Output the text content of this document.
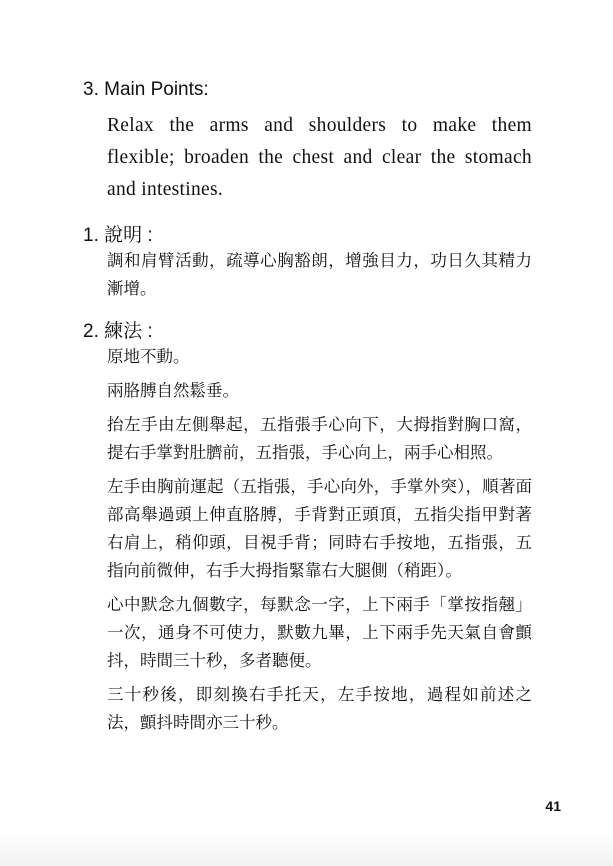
3. Main Points:
Relax the arms and shoulders to make them flexible; broaden the chest and clear the stomach and intestines.
1. 說明 :

調和肩臂活動，疏導心胸豁朗，增強目力，功日久其精力漸增。

2. 練法 :

原地不動。

兩胳膊自然鬆垂。

抬左手由左側舉起，五指張手心向下，大拇指對胸口窩，提右手掌對肚臍前，五指張，手心向上，兩手心相照。

左手由胸前運起（五指張，手心向外，手掌外突），順著面部高舉過頭上伸直胳膊，手背對正頭頂，五指尖指甲對著右肩上，稍仰頭，目視手背；同時右手按地，五指張，五指向前微伸，右手大拇指緊靠右大腿側（稍距）。

心中默念九個數字，每默念一字，上下兩手「掌按指翹」一次，通身不可使力，默數九畢，上下兩手先天氣自會顫抖，時間三十秒，多者聽便。

三十秒後，即刻換右手托天，左手按地，過程如前述之法，顫抖時間亦三十秒。

41
